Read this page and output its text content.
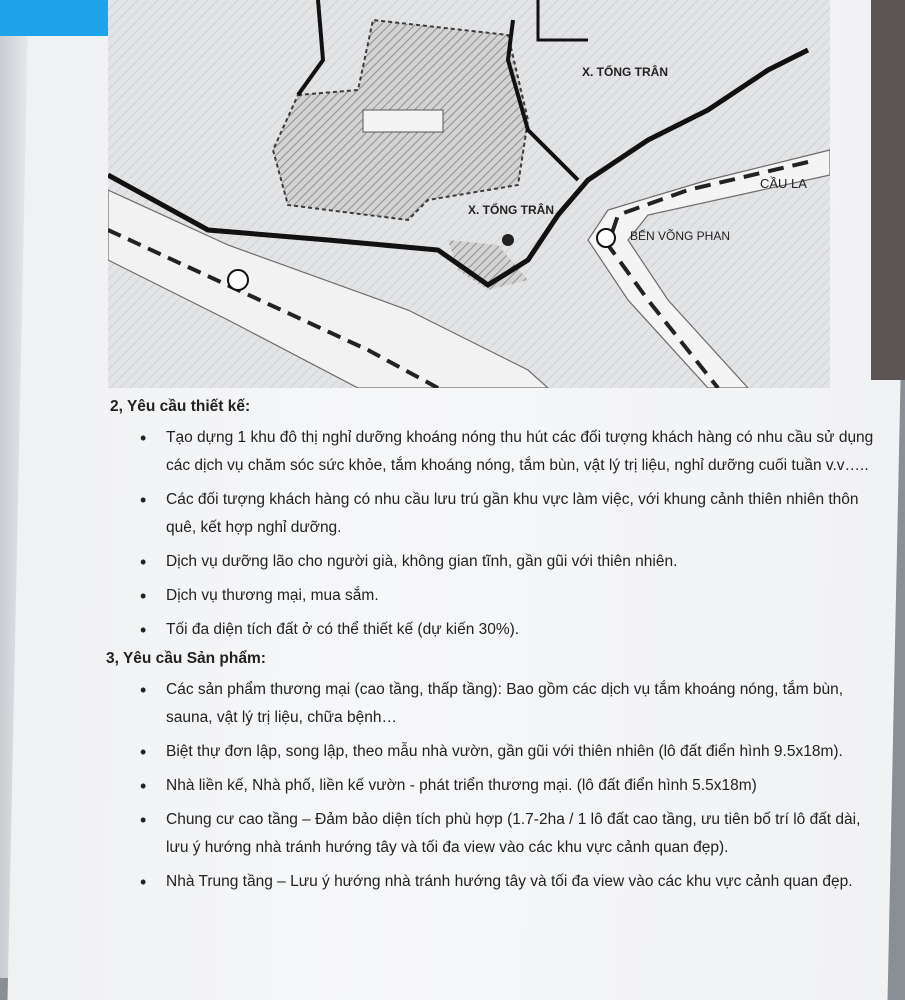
X. TỐNG TRÂN
X. TỐNG TRÂN
CẦU LA
BẾN VÕNG PHAN
2, Yêu cầu thiết kế:
• Tạo dựng 1 khu đô thị nghỉ dưỡng khoáng nóng thu hút các đối tượng khách hàng có nhu cầu sử dụng các dịch vụ chăm sóc sức khỏe, tắm khoáng nóng, tắm bùn, vật lý trị liệu, nghỉ dưỡng cuối tuần v.v…..
• Các đối tượng khách hàng có nhu cầu lưu trú gần khu vực làm việc, với khung cảnh thiên nhiên thôn quê, kết hợp nghỉ dưỡng.
• Dịch vụ dưỡng lão cho người già, không gian tĩnh, gần gũi với thiên nhiên.
• Dịch vụ thương mại, mua sắm.
• Tối đa diện tích đất ở có thể thiết kế (dự kiến 30%).
3, Yêu cầu Sản phẩm:
• Các sản phẩm thương mại (cao tầng, thấp tầng): Bao gồm các dịch vụ tắm khoáng nóng, tắm bùn, sauna, vật lý trị liệu, chữa bệnh…
• Biệt thự đơn lập, song lập, theo mẫu nhà vườn, gần gũi với thiên nhiên (lô đất điển hình 9.5x18m).
• Nhà liền kế, Nhà phố, liền kế vườn - phát triển thương mại. (lô đất điển hình 5.5x18m)
• Chung cư cao tầng – Đảm bảo diện tích phù hợp (1.7-2ha / 1 lô đất cao tầng, ưu tiên bố trí lô đất dài, lưu ý hướng nhà tránh hướng tây và tối đa view vào các khu vực cảnh quan đẹp).
• Nhà Trung tầng – Lưu ý hướng nhà tránh hướng tây và tối đa view vào các khu vực cảnh quan đẹp.
